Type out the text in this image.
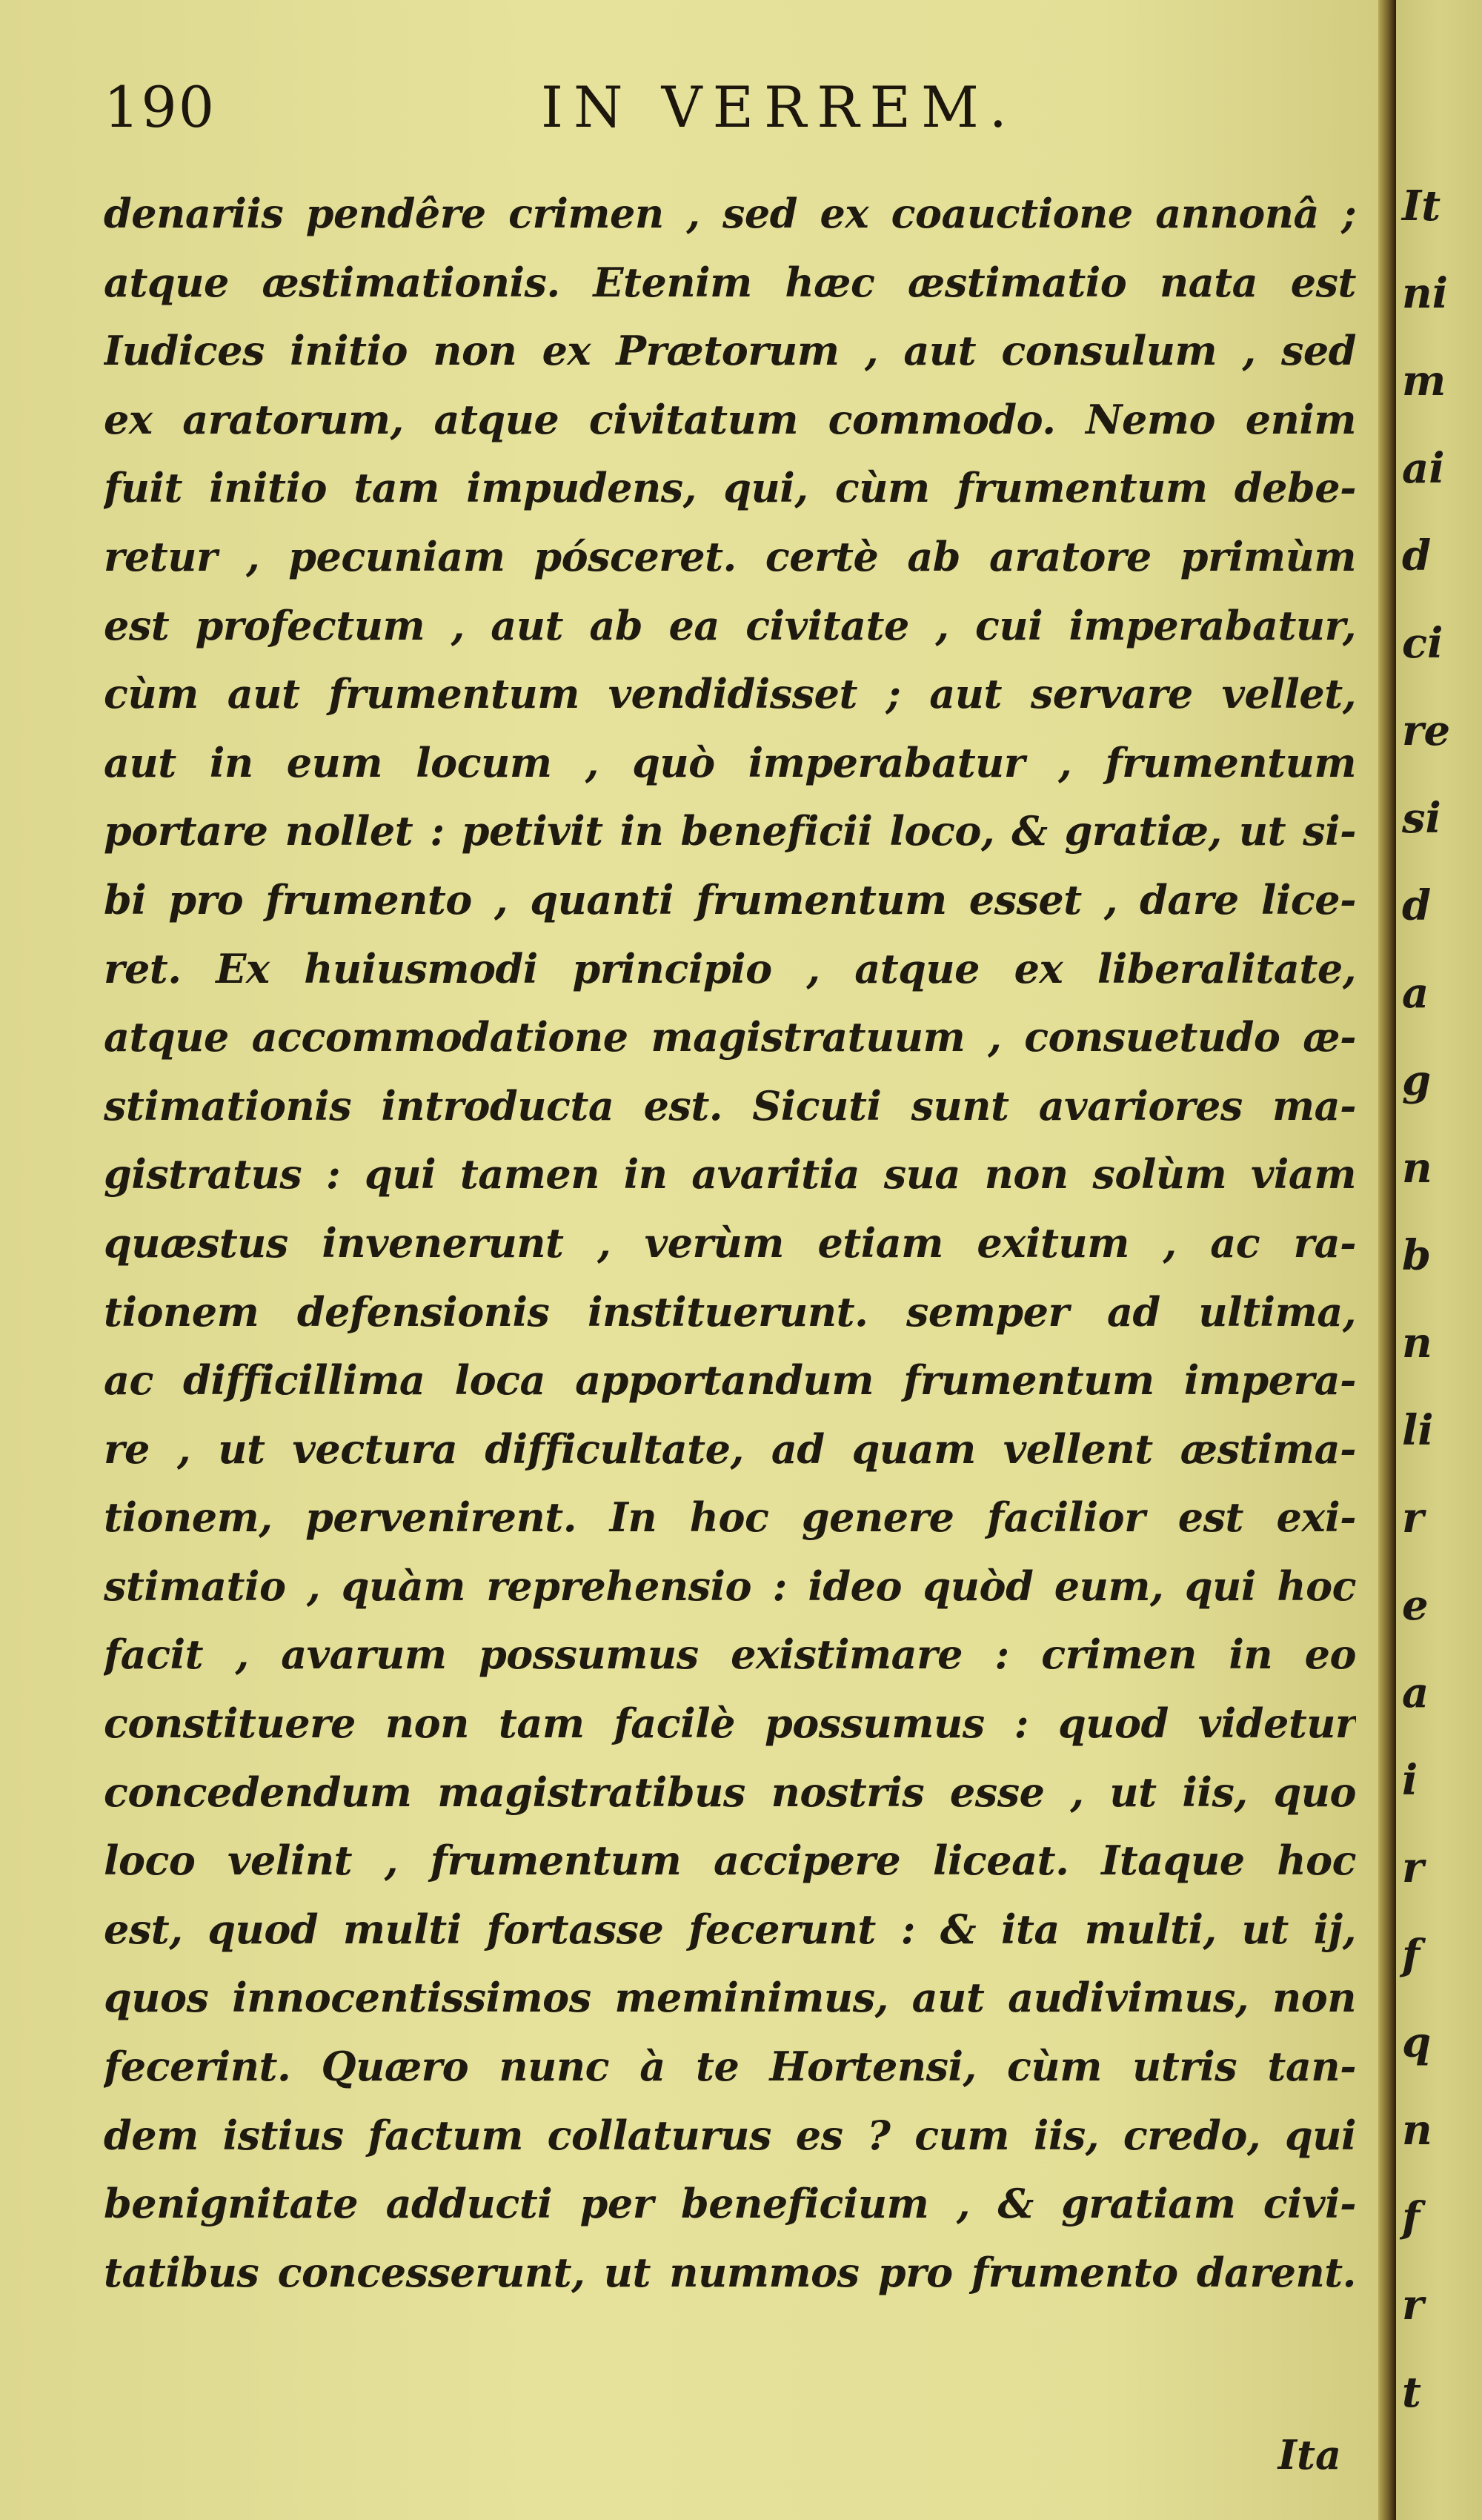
190	IN VERREM.
denariis pendêre crimen , sed ex coauctione annonâ ;
atque æstimationis. Etenim hæc æstimatio nata est
Iudices initio non ex Prætorum , aut consulum , sed
ex aratorum, atque civitatum commodo. Nemo enim
fuit initio tam impudens, qui, cùm frumentum debe-
retur , pecuniam pósceret. certè ab aratore primùm
est profectum , aut ab ea civitate , cui imperabatur,
cùm aut frumentum vendidisset ; aut servare vellet,
aut in eum locum , quò imperabatur , frumentum
portare nollet : petivit in beneficii loco, & gratiæ, ut si-
bi pro frumento , quanti frumentum esset , dare lice-
ret. Ex huiusmodi principio , atque ex liberalitate,
atque accommodatione magistratuum , consuetudo æ-
stimationis introducta est. Sicuti sunt avariores ma-
gistratus : qui tamen in avaritia sua non solùm viam
quæstus invenerunt , verùm etiam exitum , ac ra-
tionem defensionis instituerunt. semper ad ultima,
ac difficillima loca apportandum frumentum impera-
re , ut vectura difficultate, ad quam vellent æstima-
tionem, pervenirent. In hoc genere facilior est exi-
stimatio , quàm reprehensio : ideo quòd eum, qui hoc
facit , avarum possumus existimare : crimen in eo
constituere non tam facilè possumus : quod videtur
concedendum magistratibus nostris esse , ut iis, quo
loco velint , frumentum accipere liceat. Itaque hoc
est, quod multi fortasse fecerunt : & ita multi, ut ij,
quos innocentissimos meminimus, aut audivimus, non
fecerint. Quæro nunc à te Hortensi, cùm utris tan-
dem istius factum collaturus es ? cum iis, credo, qui
benignitate adducti per beneficium , & gratiam civi-
tatibus concesserunt, ut nummos pro frumento darent.
Ita
It
ni
m
ai
d
ci
re
si
d
a
g
n
b
n
li
r
e
a
i
r
f
q
n
f
r
t
